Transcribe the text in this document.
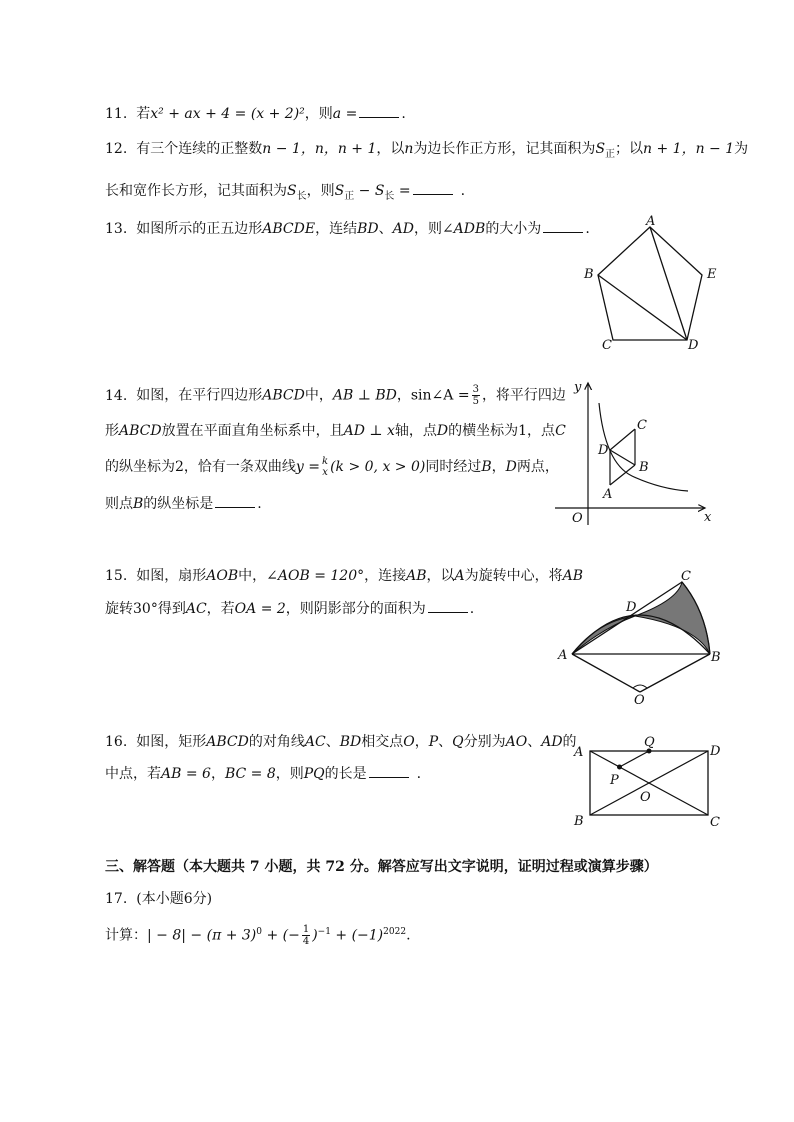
11. 若x² + ax + 4 = (x + 2)²，则a =	.
12. 有三个连续的正整数n − 1，n，n + 1，以n为边长作正方形，记其面积为$S_正$；以n + 1，n − 1为
长和宽作长方形，记其面积为$S_长$，则$S_正 - S_长$ =	.
13. 如图所示的正五边形ABCDE，连结BD、AD，则∠ADB的大小为	.	A
B
C	D
E
14. 如图，在平行四边形ABCD中，AB ⊥ BD，sin∠A = $\frac{3}{5}$ ，将平行四边
形ABCD放置在平面直角坐标系中，且AD ⊥ x轴，点D的横坐标为1，点C
的纵坐标为2，恰有一条双曲线y = k
x (k > 0, x > 0)同时经过B，D两点，
则点B的纵坐标是	.
y
x
O
A
B
C
D
15. 如图，扇形AOB中，∠AOB = 120°，连接AB，以A为旋转中心，将AB
旋转30°得到AC，若OA = 2，则阴影部分的面积为	.
A	B
C
D
O
16. 如图，矩形ABCD的对角线AC、BD相交点O，P、Q分别为AO、AD的
中点，若AB = 6，BC = 8，则PQ的长是	.
A
B	C
D
O
P
Q
三、解答题（本大题共 7 小题，共 72 分。解答应写出文字说明，证明过程或演算步骤）
17. (本小题6分)
计算：| − $8| - (\pi + 3)^0$ + (− $\frac{1}{4} )^{-1} + (-1)^{2022}$.
